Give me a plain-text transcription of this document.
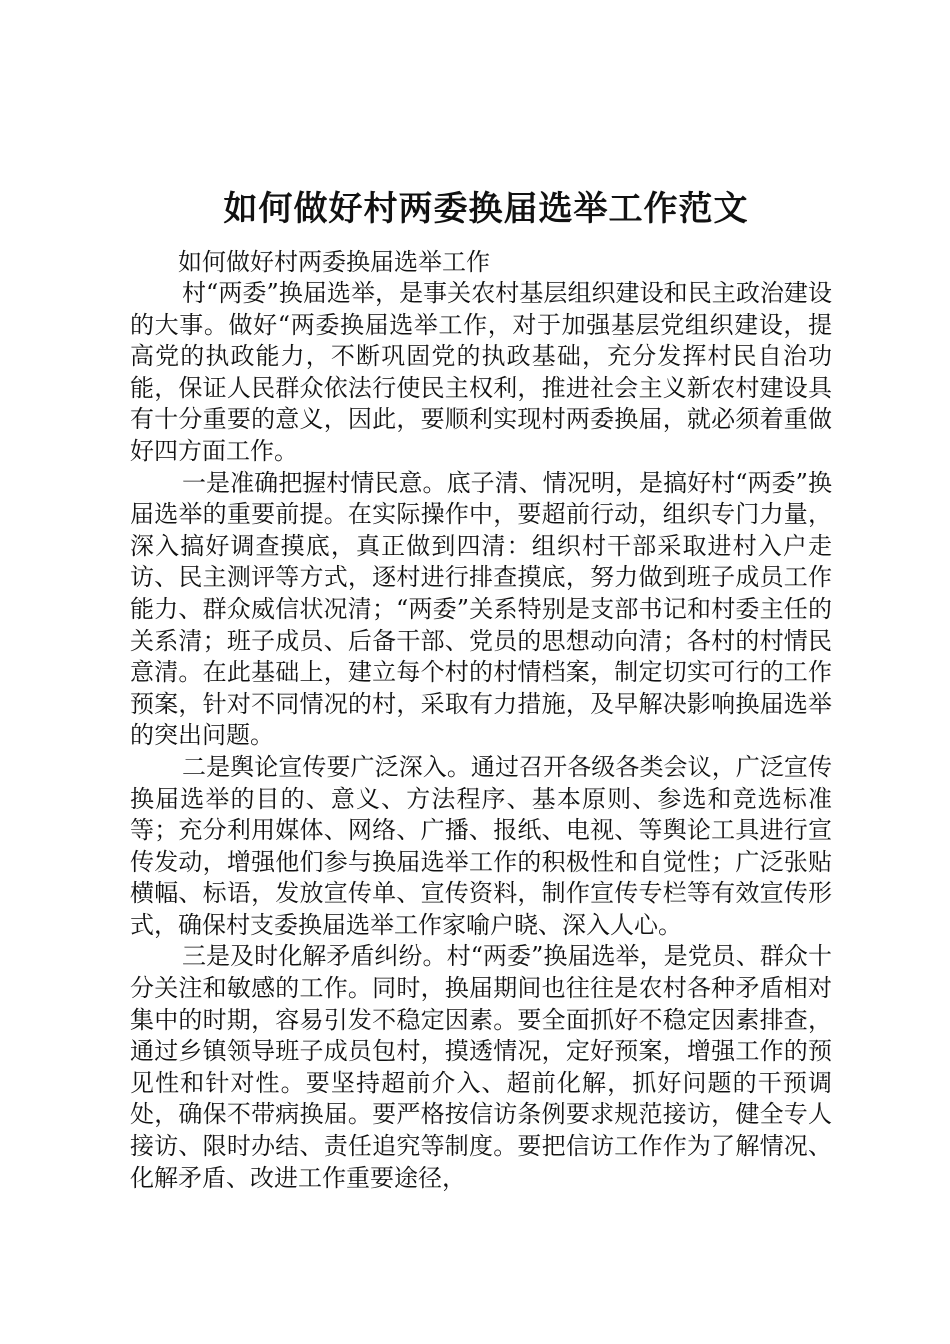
如何做好村两委换届选举工作范文

如何做好村两委换届选举工作

村“两委”换届选举，是事关农村基层组织建设和民主政治建设的大事。做好“两委换届选举工作，对于加强基层党组织建设，提高党的执政能力，不断巩固党的执政基础，充分发挥村民自治功能，保证人民群众依法行使民主权利，推进社会主义新农村建设具有十分重要的意义，因此，要顺利实现村两委换届，就必须着重做好四方面工作。

一是准确把握村情民意。底子清、情况明，是搞好村“两委”换届选举的重要前提。在实际操作中，要超前行动，组织专门力量，深入搞好调查摸底，真正做到四清：组织村干部采取进村入户走访、民主测评等方式，逐村进行排查摸底，努力做到班子成员工作能力、群众威信状况清；“两委”关系特别是支部书记和村委主任的关系清；班子成员、后备干部、党员的思想动向清；各村的村情民意清。在此基础上，建立每个村的村情档案，制定切实可行的工作预案，针对不同情况的村，采取有力措施，及早解决影响换届选举的突出问题。

二是舆论宣传要广泛深入。通过召开各级各类会议，广泛宣传换届选举的目的、意义、方法程序、基本原则、参选和竞选标准等；充分利用媒体、网络、广播、报纸、电视、等舆论工具进行宣传发动，增强他们参与换届选举工作的积极性和自觉性；广泛张贴横幅、标语，发放宣传单、宣传资料，制作宣传专栏等有效宣传形式，确保村支委换届选举工作家喻户晓、深入人心。

三是及时化解矛盾纠纷。村“两委”换届选举，是党员、群众十分关注和敏感的工作。同时，换届期间也往往是农村各种矛盾相对集中的时期，容易引发不稳定因素。要全面抓好不稳定因素排查，通过乡镇领导班子成员包村，摸透情况，定好预案，增强工作的预见性和针对性。要坚持超前介入、超前化解，抓好问题的干预调处，确保不带病换届。要严格按信访条例要求规范接访，健全专人接访、限时办结、责任追究等制度。要把信访工作作为了解情况、化解矛盾、改进工作重要途径，
